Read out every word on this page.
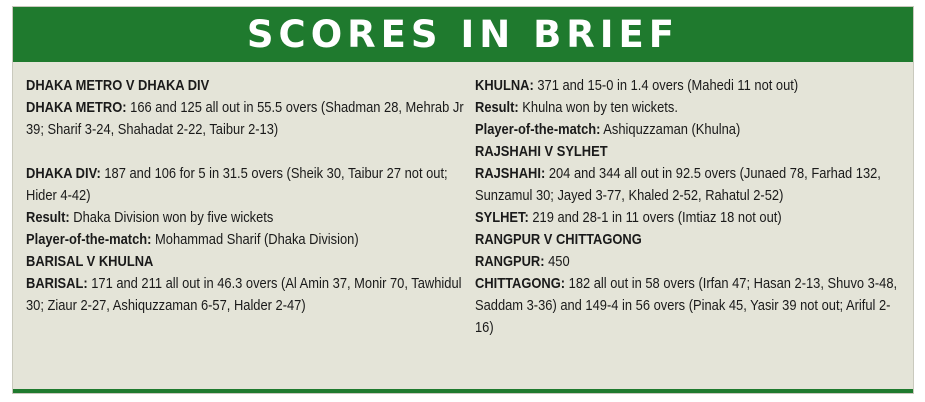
SCORES IN BRIEF
DHAKA METRO V DHAKA DIV
DHAKA METRO: 166 and 125 all out in 55.5 overs (Shadman 28, Mehrab Jr 39; Sharif 3-24, Shahadat 2-22, Taibur 2-13)
DHAKA DIV: 187 and 106 for 5 in 31.5 overs (Sheik 30, Taibur 27 not out; Hider 4-42)
Result: Dhaka Division won by five wickets
Player-of-the-match: Mohammad Sharif (Dhaka Division)
BARISAL V KHULNA
BARISAL: 171 and 211 all out in 46.3 overs (Al Amin 37, Monir 70, Tawhidul 30; Ziaur 2-27, Ashiquzzaman 6-57, Halder 2-47)
KHULNA: 371 and 15-0 in 1.4 overs (Mahedi 11 not out)
Result: Khulna won by ten wickets.
Player-of-the-match: Ashiquzzaman (Khulna)
RAJSHAHI V SYLHET
RAJSHAHI: 204 and 344 all out in 92.5 overs (Junaed 78, Farhad 132, Sunzamul 30; Jayed 3-77, Khaled 2-52, Rahatul 2-52)
SYLHET: 219 and 28-1 in 11 overs (Imtiaz 18 not out)
RANGPUR V CHITTAGONG
RANGPUR: 450
CHITTAGONG: 182 all out in 58 overs (Irfan 47; Hasan 2-13, Shuvo 3-48, Saddam 3-36) and 149-4 in 56 overs (Pinak 45, Yasir 39 not out; Ariful 2-16)
